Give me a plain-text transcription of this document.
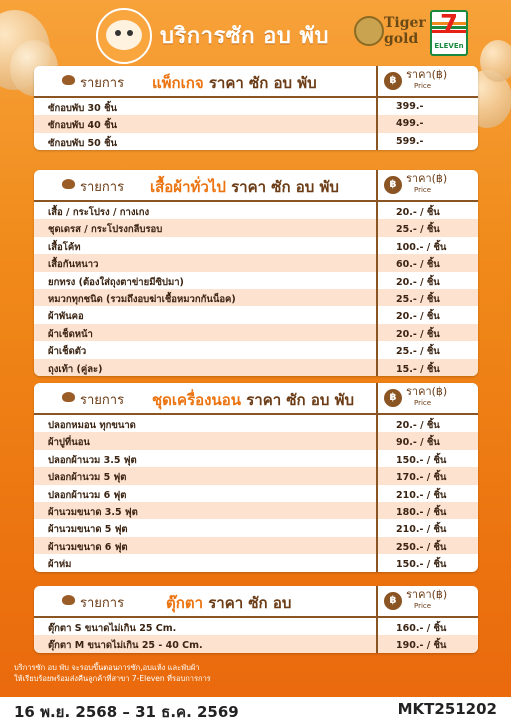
บริการซัก อบ พับ
Tiger
gold 7
ELEVEn
รายการ แพ็กเกจ ราคา ซัก อบ พับ	฿ ราคา(฿)
Price
ซักอบพับ 30 ชิ้น	399.-
ซักอบพับ 40 ชิ้น	499.-
ซักอบพับ 50 ชิ้น	599.-
รายการ เสื้อผ้าทั่วไป ราคา ซัก อบ พับ	฿ ราคา(฿)
Price
เสื้อ / กระโปรง / กางเกง	20.- / ชิ้น
ชุดเดรส / กระโปรงกลีบรอบ	25.- / ชิ้น
เสื้อโค้ท	100.- / ชิ้น
เสื้อกันหนาว	60.- / ชิ้น
ยกทรง (ต้องใส่ถุงตาข่ายมีซิปมา)	20.- / ชิ้น
หมวกทุกชนิด (รวมถึงอบฆ่าเชื้อหมวกกันน็อค)	25.- / ชิ้น
ผ้าพันคอ	20.- / ชิ้น
ผ้าเช็ดหน้า	20.- / ชิ้น
ผ้าเช็ดตัว	25.- / ชิ้น
ถุงเท้า (คู่ละ)	15.- / ชิ้น
รายการ ชุดเครื่องนอน ราคา ซัก อบ พับ	฿ ราคา(฿)
Price
ปลอกหมอน ทุกขนาด	20.- / ชิ้น
ผ้าปูที่นอน	90.- / ชิ้น
ปลอกผ้านวม 3.5 ฟุต	150.- / ชิ้น
ปลอกผ้านวม 5 ฟุต	170.- / ชิ้น
ปลอกผ้านวม 6 ฟุต	210.- / ชิ้น
ผ้านวมขนาด 3.5 ฟุต	180.- / ชิ้น
ผ้านวมขนาด 5 ฟุต	210.- / ชิ้น
ผ้านวมขนาด 6 ฟุต	250.- / ชิ้น
ผ้าห่ม	150.- / ชิ้น
รายการ	ตุ๊กตา ราคา ซัก อบ	฿ ราคา(฿)
Price
ตุ๊กตา S ขนาดไม่เกิน 25 Cm.	160.- / ชิ้น
ตุ๊กตา M ขนาดไม่เกิน 25 - 40 Cm.	190.- / ชิ้น
บริการซัก อบ พับ จะรอบขึ้นตอนการซัก,อบแห้ง และพับผ้า
ให้เรียบร้อยพร้อมส่งคืนลูกค้าที่สาขา 7-Eleven ที่รอบการการ
16 พ.ย. 2568 – 31 ธ.ค. 2569	MKT251202
